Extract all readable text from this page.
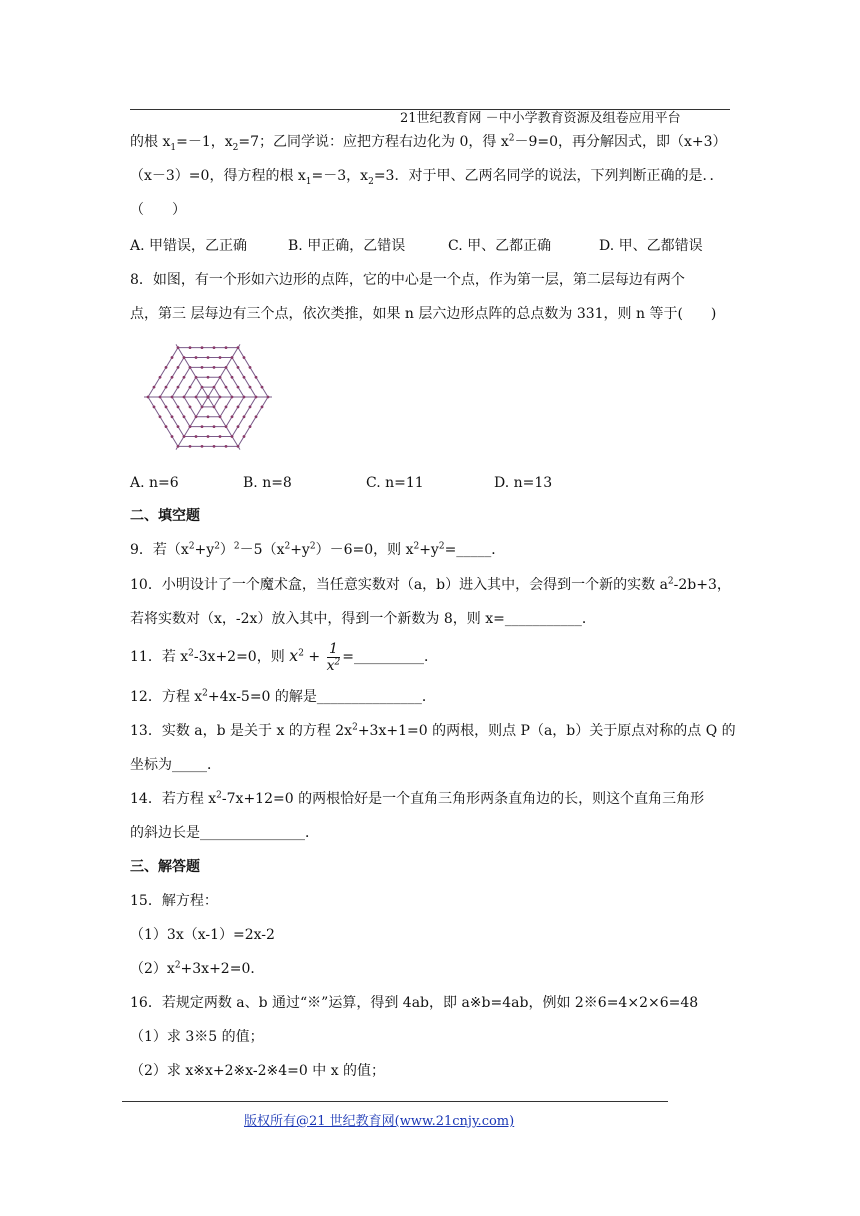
21世纪教育网 －中小学教育资源及组卷应用平台
的根 $x_1=-1$，$x_2=7$；乙同学说：应把方程右边化为 0，得 $x^2-9=0$，再分解因式，即（x+3）
（x－3）=0，得方程的根 $x_1=-3$，$x_2=3$．对于甲、乙两名同学的说法，下列判断正确的是．．
（　　）
A. 甲错误，乙正确	B. 甲正确，乙错误	C. 甲、乙都正确	D. 甲、乙都错误
8．如图，有一个形如六边形的点阵，它的中心是一个点，作为第一层，第二层每边有两个
点，第三 层每边有三个点，依次类推，如果 n 层六边形点阵的总点数为 331，则 n 等于(　　)
A. n=6	B. n=8	C. n=11	D. n=13
二、填空题
9．若$(x^2+y^2)^2-5(x^2+y^2)-6=0$，则 $x^2+y^2=\_\_\_\_\_$．
10．小明设计了一个魔术盒，当任意实数对（a，b）进入其中，会得到一个新的实数 $a^2-2b+3$，
若将实数对（x，-2x）放入其中，得到一个新数为 8，则 x=___________．
11．若 $x^2-3x+2=0$，则 $x^2 + \frac{1}{x^2}$ =__________．
12．方程 $x^2+4x-5=0$ 的解是_______________．
13．实数 a，b 是关于 x 的方程 $2x^2+3x+1=0$ 的两根，则点 P（a，b）关于原点对称的点 Q 的
坐标为_____．
14．若方程 $x^2-7x+12=0$ 的两根恰好是一个直角三角形两条直角边的长，则这个直角三角形
的斜边长是_______________．
三、解答题
15．解方程：
（1）3x（x-1）=2x-2
$(2)x^2+3x+2=0$．
16．若规定两数 a、b 通过“※”运算，得到 4ab，即 a※b=4ab，例如 2※6=4×2×6=48
（1）求 3※5 的值；
（2）求 x※x+2※x-2※4=0 中 x 的值；
版权所有@21 世纪教育网(www.21cnjy.com)
